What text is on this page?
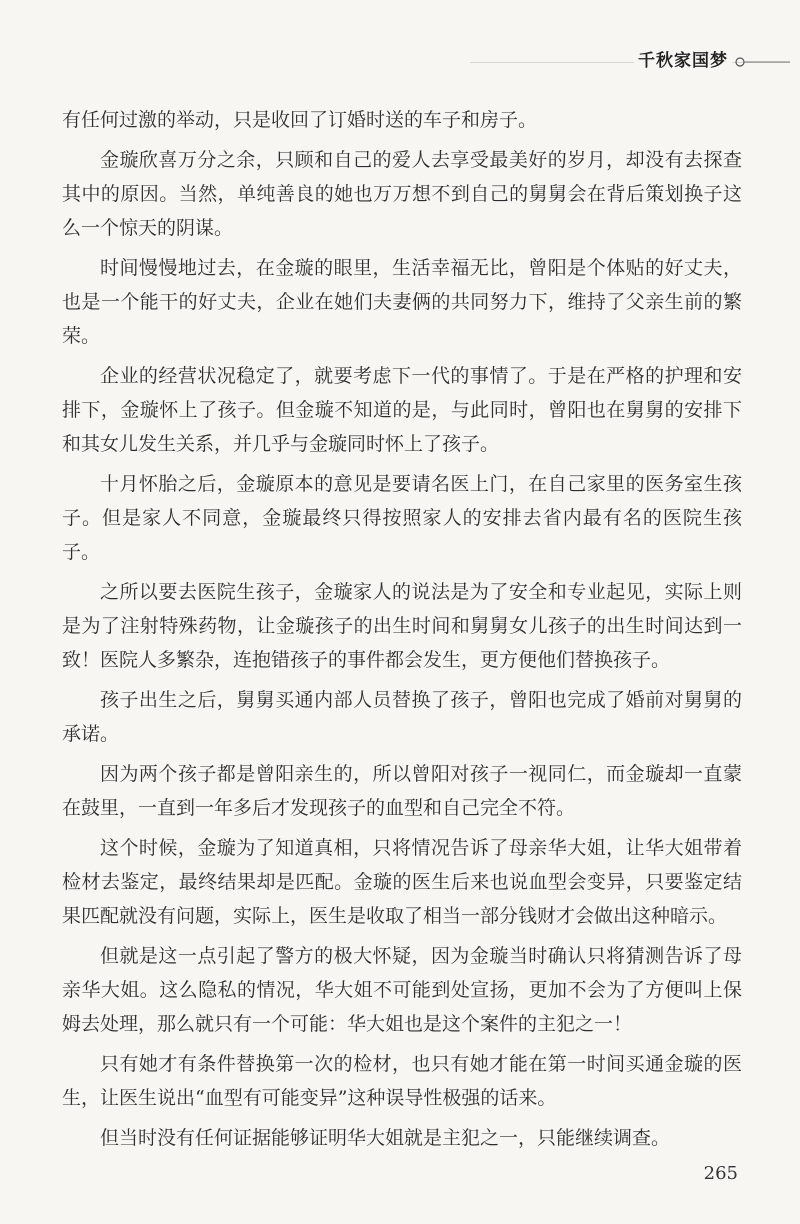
千秋家国梦

有任何过激的举动，只是收回了订婚时送的车子和房子。

金璇欣喜万分之余，只顾和自己的爱人去享受最美好的岁月，却没有去探查其中的原因。当然，单纯善良的她也万万想不到自己的舅舅会在背后策划换子这么一个惊天的阴谋。

时间慢慢地过去，在金璇的眼里，生活幸福无比，曾阳是个体贴的好丈夫，也是一个能干的好丈夫，企业在她们夫妻俩的共同努力下，维持了父亲生前的繁荣。

企业的经营状况稳定了，就要考虑下一代的事情了。于是在严格的护理和安排下，金璇怀上了孩子。但金璇不知道的是，与此同时，曾阳也在舅舅的安排下和其女儿发生关系，并几乎与金璇同时怀上了孩子。

十月怀胎之后，金璇原本的意见是要请名医上门，在自己家里的医务室生孩子。但是家人不同意，金璇最终只得按照家人的安排去省内最有名的医院生孩子。

之所以要去医院生孩子，金璇家人的说法是为了安全和专业起见，实际上则是为了注射特殊药物，让金璇孩子的出生时间和舅舅女儿孩子的出生时间达到一致！医院人多繁杂，连抱错孩子的事件都会发生，更方便他们替换孩子。

孩子出生之后，舅舅买通内部人员替换了孩子，曾阳也完成了婚前对舅舅的承诺。

因为两个孩子都是曾阳亲生的，所以曾阳对孩子一视同仁，而金璇却一直蒙在鼓里，一直到一年多后才发现孩子的血型和自己完全不符。

这个时候，金璇为了知道真相，只将情况告诉了母亲华大姐，让华大姐带着检材去鉴定，最终结果却是匹配。金璇的医生后来也说血型会变异，只要鉴定结果匹配就没有问题，实际上，医生是收取了相当一部分钱财才会做出这种暗示。

但就是这一点引起了警方的极大怀疑，因为金璇当时确认只将猜测告诉了母亲华大姐。这么隐私的情况，华大姐不可能到处宣扬，更加不会为了方便叫上保姆去处理，那么就只有一个可能：华大姐也是这个案件的主犯之一！

只有她才有条件替换第一次的检材，也只有她才能在第一时间买通金璇的医生，让医生说出“血型有可能变异”这种误导性极强的话来。

但当时没有任何证据能够证明华大姐就是主犯之一，只能继续调查。

265
